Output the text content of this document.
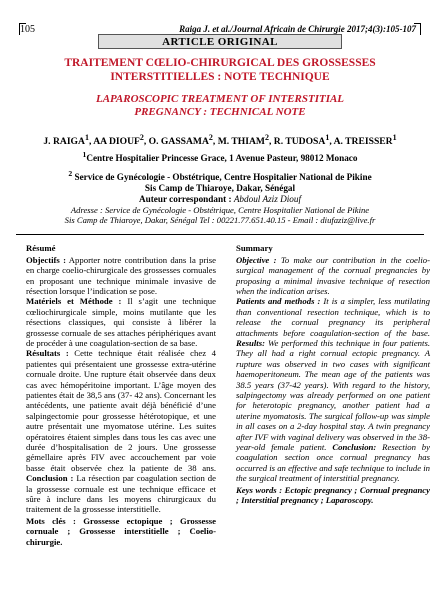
105	Raiga J. et al./Journal Africain de Chirurgie 2017;4(3):105-107
ARTICLE ORIGINAL
TRAITEMENT CŒLIO-CHIRURGICAL DES GROSSESSES INTERSTITIELLES : NOTE TECHNIQUE
LAPAROSCOPIC TREATMENT OF INTERSTITIAL PREGNANCY : TECHNICAL NOTE
J. RAIGA$^1$, AA DIOUF$^2$, O. GASSAMA$^2$, M. THIAM$^2$, R. TUDOSA$^1$, A. TREISSER$^1$
$^1$Centre Hospitalier Princesse Grace, 1 Avenue Pasteur, 98012 Monaco
$^2$ Service de Gynécologie - Obstétrique, Centre Hospitalier National de Pikine
Sis Camp de Thiaroye, Dakar, Sénégal
Auteur correspondant : Abdoul Aziz Diouf
Adresse : Service de Gynécologie - Obstétrique, Centre Hospitalier National de Pikine
Sis Camp de Thiaroye, Dakar, Sénégal Tel : 00221.77.651.40.15 - Email : diufaziz@live.fr
Résumé

Objectifs : Apporter notre contribution dans la prise en charge coelio-chirurgicale des grossesses cornuales en proposant une technique minimale invasive de résection lorsque l’indication se pose.

Matériels et Méthode : Il s’agit une technique cœliochirurgicale simple, moins mutilante que les résections classiques, qui consiste à libérer la grossesse cornuale de ses attaches périphériques avant de procéder à une coagulation-section de sa base.

Résultats : Cette technique était réalisée chez 4 patientes qui présentaient une grossesse extra-utérine cornuale droite. Une rupture était observée dans deux cas avec hémopéritoine important. L’âge moyen des patientes était de 38,5 ans (37- 42 ans). Concernant les antécédents, une patiente avait déjà bénéficié d’une salpingectomie pour grossesse hétérotopique, et une autre présentait une myomatose utérine. Les suites opératoires étaient simples dans tous les cas avec une durée d’hospitalisation de 2 jours. Une grossesse gémellaire après FIV avec accouchement par voie basse était observée chez la patiente de 38 ans. Conclusion : La résection par coagulation section de la grossesse cornuale est une technique efficace et sûre à inclure dans les moyens chirurgicaux du traitement de la grossesse interstitielle.

Mots clés : Grossesse ectopique ; Grossesse cornuale ; Grossesse interstitielle ; Coelio-chirurgie.

Summary

Objective : To make our contribution in the coelio-surgical management of the cornual pregnancies by proposing a minimal invasive technique of resection when the indication arises.

Patients and methods : It is a simpler, less mutilating than conventional resection technique, which is to release the cornual pregnancy its peripheral attachments before coagulation-section of the base. Results: We performed this technique in four patients. They all had a right cornual ectopic pregnancy. A rupture was observed in two cases with significant haemoperitoneum. The mean age of the patients was 38.5 years (37-42 years). With regard to the history, salpingectomy was already performed on one patient for heterotopic pregnancy, another patient had a uterine myomatosis. The surgical follow-up was simple in all cases on a 2-day hospital stay. A twin pregnancy after IVF with vaginal delivery was observed in the 38-year-old female patient. Conclusion: Resection by coagulation section once cornual pregnancy has occurred is an effective and safe technique to include in the surgical treatment of interstitial pregnancy.

Keys words : Ectopic pregnancy ; Cornual pregnancy ; Interstitial pregnancy ; Laparoscopy.
